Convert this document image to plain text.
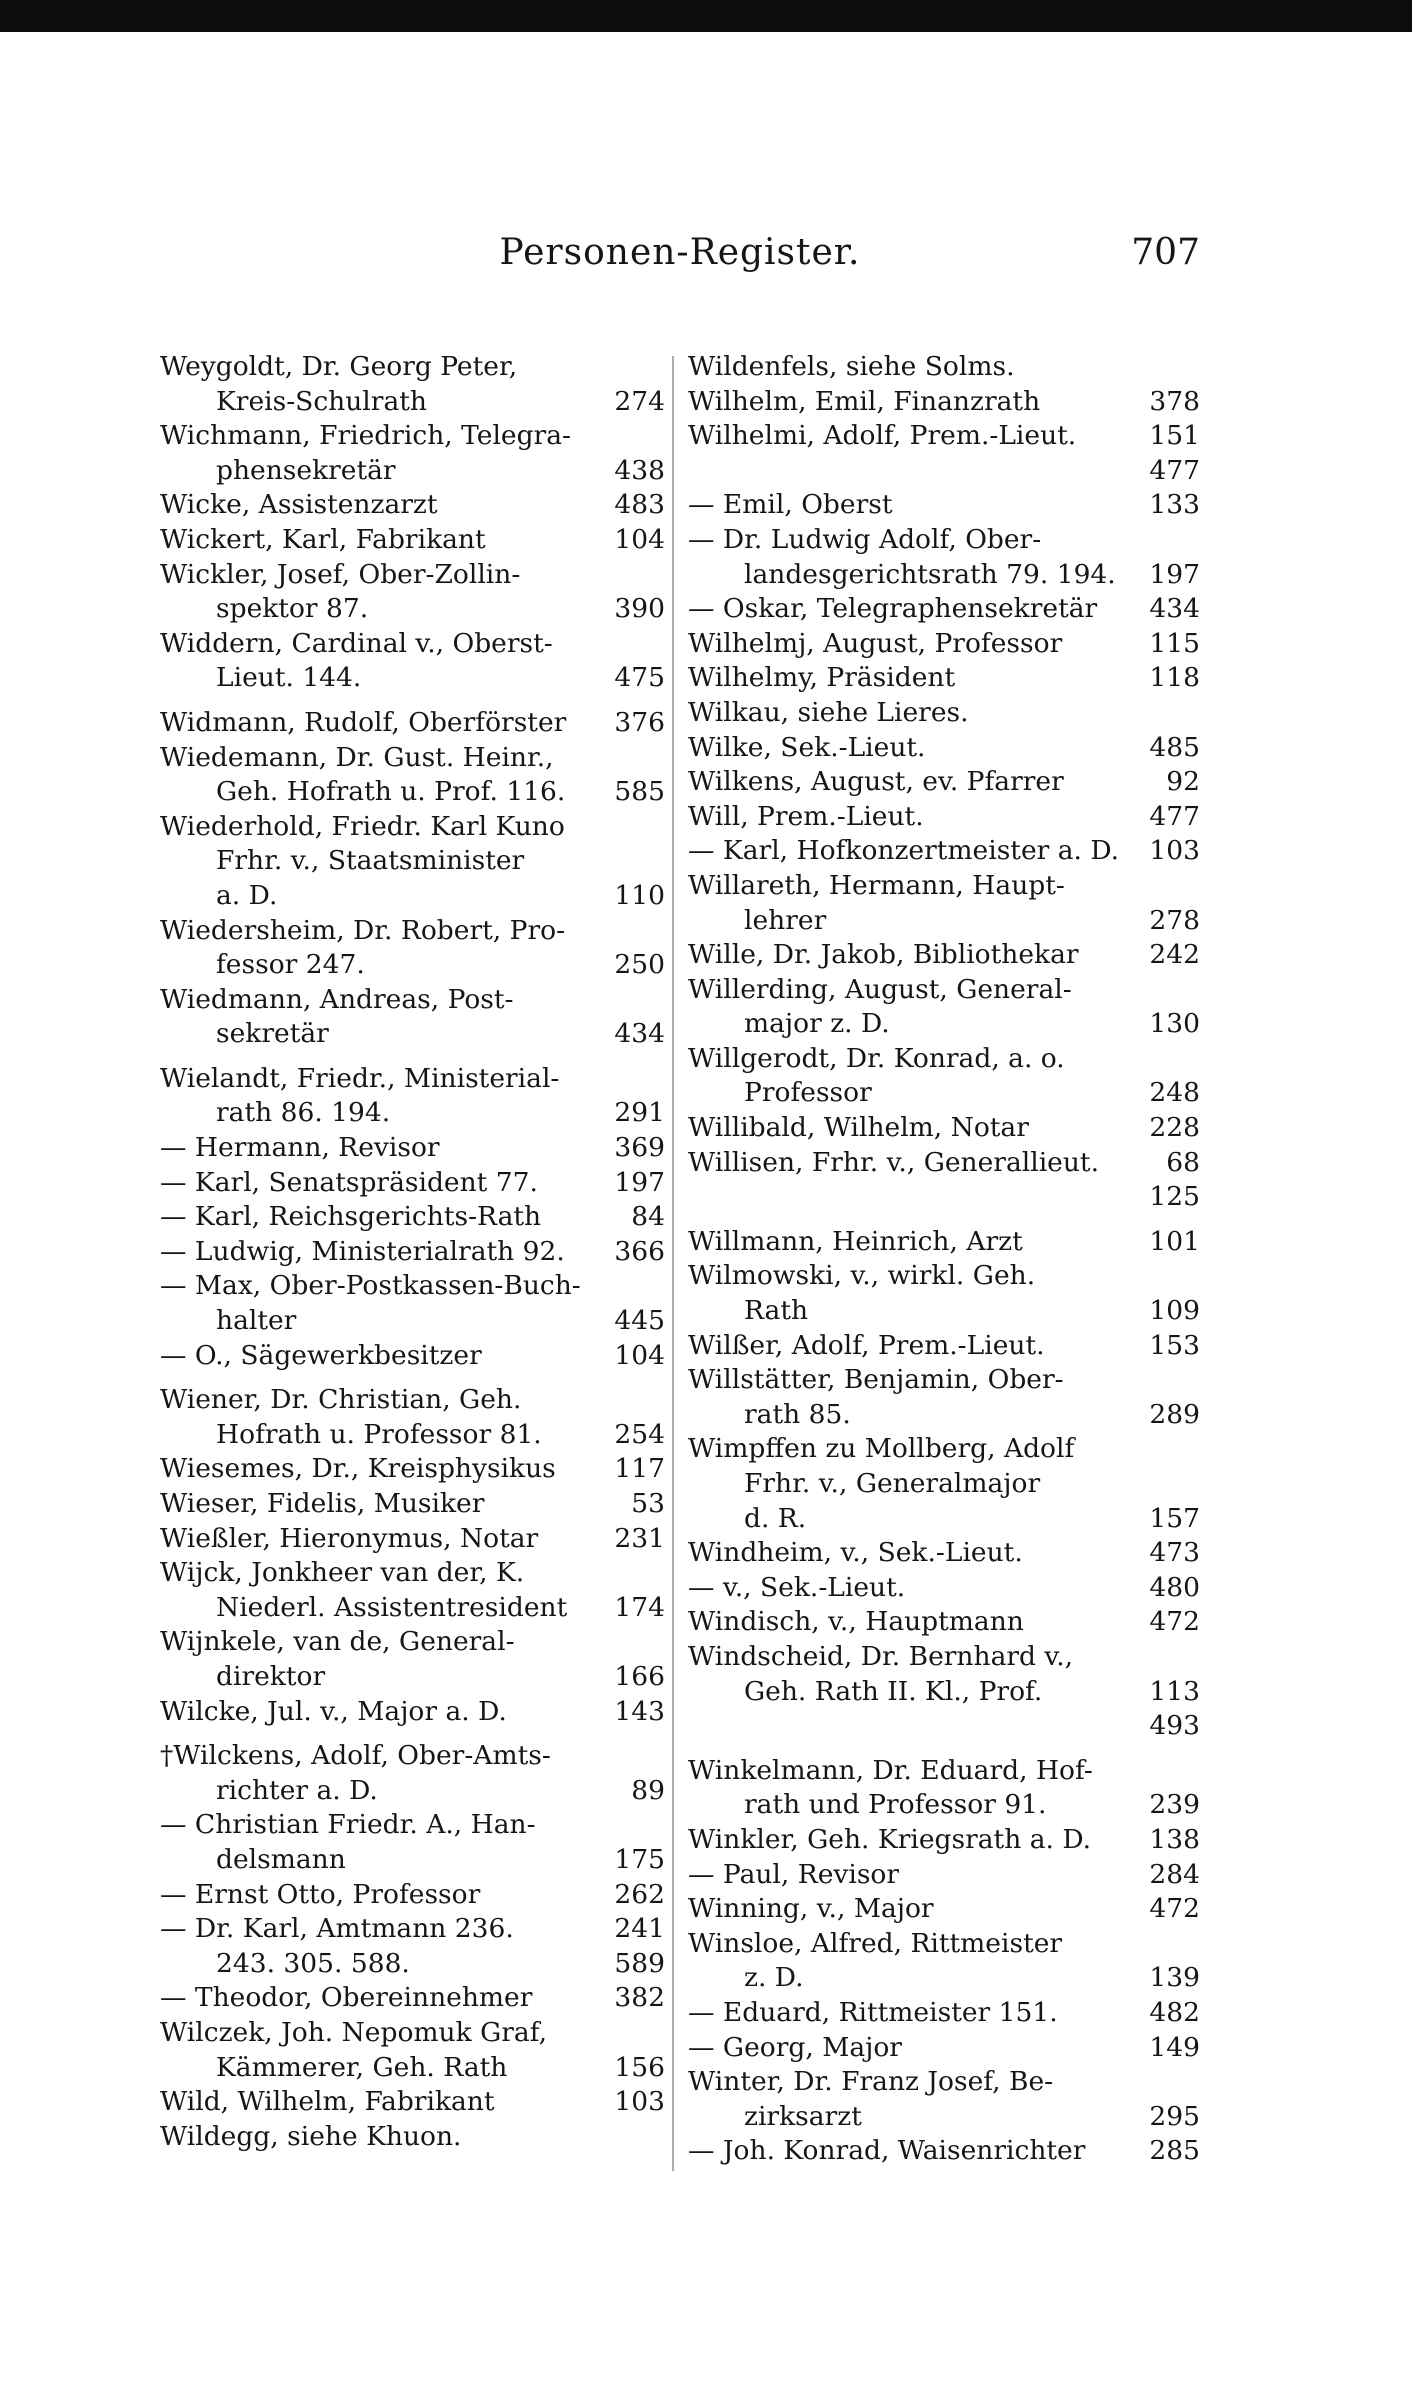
Personen-Register.	707
Weygoldt, Dr. Georg Peter,
Kreis-Schulrath	274
Wichmann, Friedrich, Telegra-
phensekretär	438
Wicke, Assistenzarzt	483
Wickert, Karl, Fabrikant	104
Wickler, Josef, Ober-Zollin-
spektor 87.	390
Widdern, Cardinal v., Oberst-
Lieut. 144.	475
Widmann, Rudolf, Oberförster 376
Wiedemann, Dr. Gust. Heinr.,
Geh. Hofrath u. Prof. 116. 585
Wiederhold, Friedr. Karl Kuno
Frhr. v., Staatsminister
a. D.	110
Wiedersheim, Dr. Robert, Pro-
fessor 247.	250
Wiedmann, Andreas, Post-
sekretär	434
Wielandt, Friedr., Ministerial-
rath 86. 194.	291
— Hermann, Revisor	369
— Karl, Senatspräsident 77.	197
— Karl, Reichsgerichts-Rath	84
— Ludwig, Ministerialrath 92. 366
— Max, Ober-Postkassen-Buch-
halter	445
— O., Sägewerkbesitzer	104
Wiener, Dr. Christian, Geh.
Hofrath u. Professor 81.	254
Wiesemes, Dr., Kreisphysikus 117
Wieser, Fidelis, Musiker	53
Wießler, Hieronymus, Notar	231
Wijck, Jonkheer van der, K.
Niederl. Assistentresident 174
Wijnkele, van de, General-
direktor	166
Wilcke, Jul. v., Major a. D.	143
†Wilckens, Adolf, Ober-Amts-
richter a. D.	89
— Christian Friedr. A., Han-
delsmann	175
— Ernst Otto, Professor	262
— Dr. Karl, Amtmann 236.	241
243. 305. 588.	589
— Theodor, Obereinnehmer	382
Wilczek, Joh. Nepomuk Graf,
Kämmerer, Geh. Rath	156
Wild, Wilhelm, Fabrikant	103
Wildegg, siehe Khuon.
Wildenfels, siehe Solms.
Wilhelm, Emil, Finanzrath	378
Wilhelmi, Adolf, Prem.-Lieut.	151
477
— Emil, Oberst	133
— Dr. Ludwig Adolf, Ober-
landesgerichtsrath 79. 194. 197
— Oskar, Telegraphensekretär 434
Wilhelmj, August, Professor	115
Wilhelmy, Präsident	118
Wilkau, siehe Lieres.
Wilke, Sek.-Lieut.	485
Wilkens, August, ev. Pfarrer	92
Will, Prem.-Lieut.	477
— Karl, Hofkonzertmeister a. D. 103
Willareth, Hermann, Haupt-
lehrer	278
Wille, Dr. Jakob, Bibliothekar	242
Willerding, August, General-
major z. D.	130
Willgerodt, Dr. Konrad, a. o.
Professor	248
Willibald, Wilhelm, Notar	228
Willisen, Frhr. v., Generallieut.	68
125
Willmann, Heinrich, Arzt	101
Wilmowski, v., wirkl. Geh.
Rath	109
Wilßer, Adolf, Prem.-Lieut.	153
Willstätter, Benjamin, Ober-
rath 85.	289
Wimpffen zu Mollberg, Adolf
Frhr. v., Generalmajor
d. R.	157
Windheim, v., Sek.-Lieut.	473
— v., Sek.-Lieut.	480
Windisch, v., Hauptmann	472
Windscheid, Dr. Bernhard v.,
Geh. Rath II. Kl., Prof.	113
493
Winkelmann, Dr. Eduard, Hof-
rath und Professor 91.	239
Winkler, Geh. Kriegsrath a. D. 138
— Paul, Revisor	284
Winning, v., Major	472
Winsloe, Alfred, Rittmeister
z. D.	139
— Eduard, Rittmeister 151.	482
— Georg, Major	149
Winter, Dr. Franz Josef, Be-
zirksarzt	295
— Joh. Konrad, Waisenrichter 285
